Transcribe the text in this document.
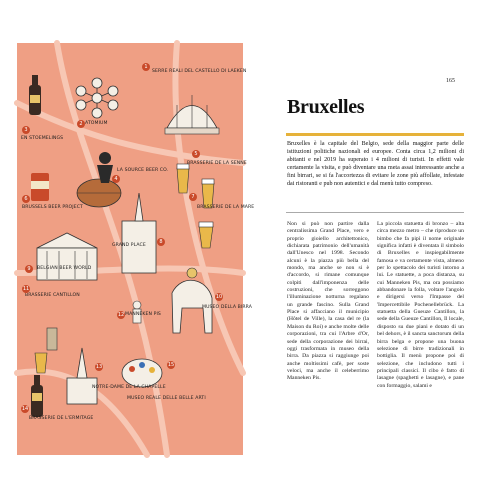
SERRE REALI DEL CASTELLO DI LAEKEN
ATOMIUM
EN STOEMELINGS
LA SOURCE BEER CO.
BRASSERIE DE LA SENNE
BRUSSELS BEER PROJECT	BRASSERIE DE LA MARE
GRAND PLACE
BELGIAN BEER WORLD
MUSEO DELLA BIRRA
BRASSERIE CANTILLON
MANNEKEN PIS
NOTRE-DAME DE LA CHAPELLE
BRASSERIE DE L'ERMITAGE
MUSEO REALE DELLE BELLE ARTI
1
2
3
4
5
6	7
8
9
10
11
12
13
14
15
165
Bruxelles
Bruxelles è la capitale del Belgio, sede della maggior parte delle istituzioni politiche nazionali ed europee. Conta circa 1,2 milioni di abitanti e nel 2019 ha superato i 4 milioni di turisti. In effetti vale certamente la visita, e può diventare una meta assai interessante anche a fini birrari, se si fa l'accortezza di evitare le zone più affollate, infestate dai ristoranti e pub non autentici e dal menù tutto compreso.
Non si può non partire dalla centralissima Grand Place, vero e proprio gioiello architettonico, dichiarata patrimonio dell'umanità dall'Unesco nel 1998. Secondo alcuni è la piazza più bella del mondo, ma anche se non si è d'accordo, si rimane comunque colpiti dall'imponenza delle costruzioni, che sorreggono l'illuminazione notturna regalano un grande fascino. Sulla Grand Place si affacciano il municipio (Hôtel de Ville), la casa del re (la Maison du Roi) e anche molte delle corporazioni, tra cui l'Arbre d'Or, sede della corporazione dei birrai, oggi trasformata in museo della birra. Da piazza si raggiunge poi anche moltissimi cafè, per soste veloci, ma anche il celeberrimo Manneken Pis.
La piccola statuetta di bronzo – alta circa mezzo metro – che riproduce un bimbo che fa pipì il nome originale significa infatti è diventata il simbolo di Bruxelles e inspiegabilmente famosa e va certamente vista, almeno per lo spettacolo dei turisti intorno a lui. Le statuette, a poca distanza, su cui Manneken Pis, ma ora possiamo abbandonare la folla, voltare l'angolo e dirigersi verso l'Impasse del 'Impercettibile Pochenellebrück. La statuetta della Gueuze Cantillon, la sede della Gueuze Cantillon, Il locale, disposto su due piani e dotato di un bel dehors, è il sancta sanctorum della birra belga e propone una buona selezione di birre tradizionali in bottiglia. Il menù propone poi di selezione, che includono tutti i principali classici. Il cibo è fatto di lasagne (spaghetti e lasagne), e pane con formaggio, salami e
